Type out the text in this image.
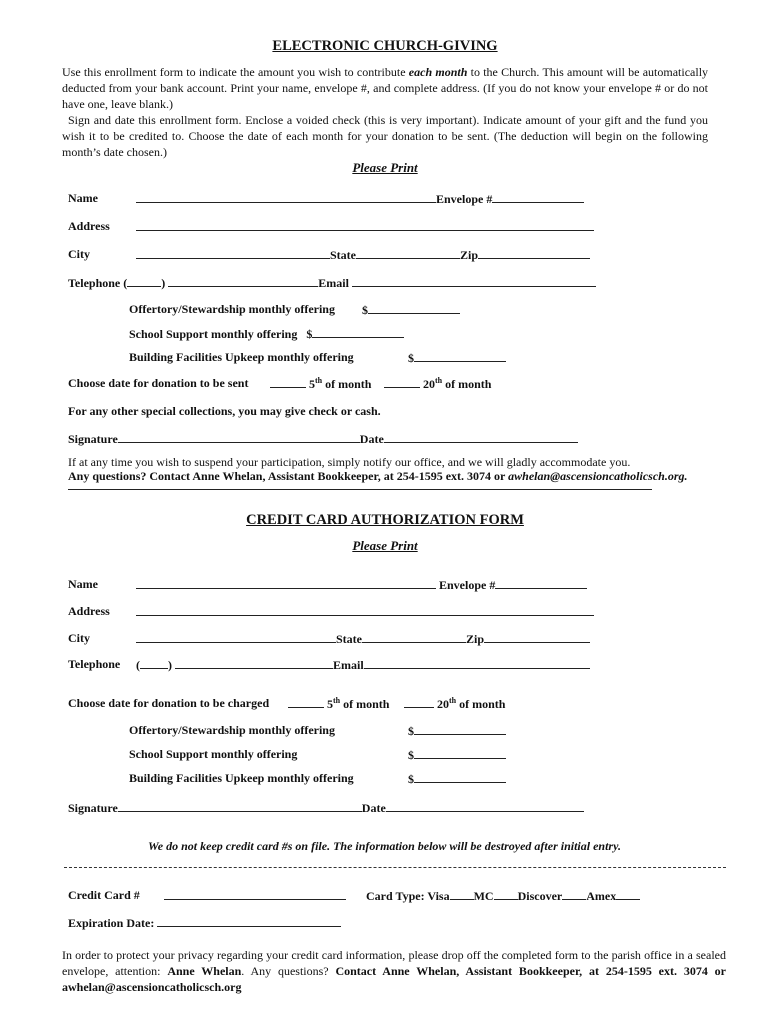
ELECTRONIC CHURCH-GIVING
Use this enrollment form to indicate the amount you wish to contribute each month to the Church. This amount will be automatically deducted from your bank account. Print your name, envelope #, and complete address. (If you do not know your envelope # or do not have one, leave blank.)
Sign and date this enrollment form. Enclose a voided check (this is very important). Indicate amount of your gift and the fund you wish it to be credited to. Choose the date of each month for your donation to be sent. (The deduction will begin on the following month’s date chosen.)
Please Print
Name	Envelope #
Address
City	State	Zip
Telephone (	)	Email
Offertory/Stewardship monthly offering $
School Support monthly offering $
Building Facilities Upkeep monthly offering	$
Choose date for donation to be sent	5th of month	20th of month
For any other special collections, you may give check or cash.
Signature	Date
If at any time you wish to suspend your participation, simply notify our office, and we will gladly accommodate you.
Any questions? Contact Anne Whelan, Assistant Bookkeeper, at 254-1595 ext. 3074 or awhelan@ascensioncatholicsch.org.
CREDIT CARD AUTHORIZATION FORM
Please Print
Name	Envelope #
Address
City	State	Zip
Telephone ( )	Email
Choose date for donation to be charged	5th of month	20th of month
Offertory/Stewardship monthly offering	$
School Support monthly offering	$
Building Facilities Upkeep monthly offering	$
Signature	Date
We do not keep credit card #s on file. The information below will be destroyed after initial entry.
Credit Card #	Card Type: Visa MC Discover Amex
Expiration Date:
In order to protect your privacy regarding your credit card information, please drop off the completed form to the parish office in a sealed envelope, attention: Anne Whelan. Any questions? Contact Anne Whelan, Assistant Bookkeeper, at 254-1595 ext. 3074 or awhelan@ascensioncatholicsch.org
